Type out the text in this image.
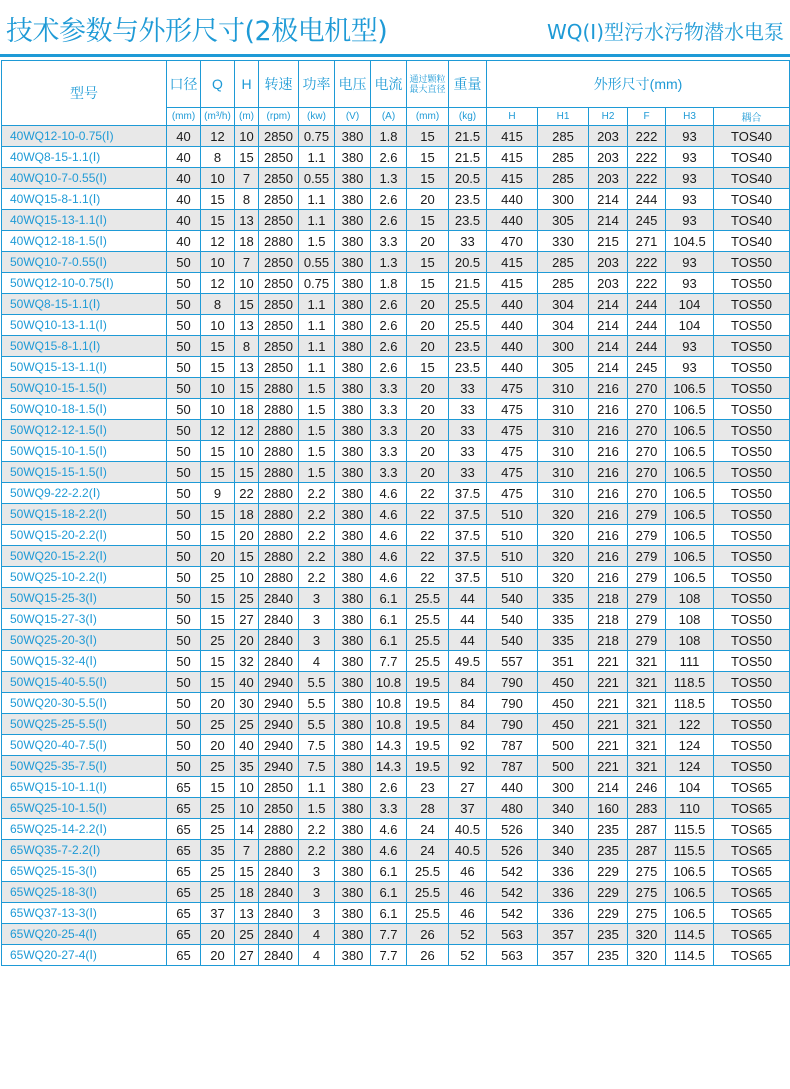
技术参数与外形尺寸(2极电机型)	WQ(Ⅰ)型污水污物潜水电泵
型号	口径	Q	H	转速	功率	电压	电流	通过颗粒最大直径	重量	外形尺寸(mm)					
	(mm)	(m³/h)	(m)	(rpm)	(kw)	(V)	(A)	(mm)	(kg)	H	H1	H2	F	H3	耦合
40WQ12-10-0.75(Ⅰ)	40	12	10	2850	0.75	380	1.8	15	21.5	415	285	203	222	93	TOS40
40WQ8-15-1.1(Ⅰ)	40	8	15	2850	1.1	380	2.6	15	21.5	415	285	203	222	93	TOS40
40WQ10-7-0.55(Ⅰ)	40	10	7	2850	0.55	380	1.3	15	20.5	415	285	203	222	93	TOS40
40WQ15-8-1.1(Ⅰ)	40	15	8	2850	1.1	380	2.6	20	23.5	440	300	214	244	93	TOS40
40WQ15-13-1.1(Ⅰ)	40	15	13	2850	1.1	380	2.6	15	23.5	440	305	214	245	93	TOS40
40WQ12-18-1.5(Ⅰ)	40	12	18	2880	1.5	380	3.3	20	33	470	330	215	271	104.5	TOS40
50WQ10-7-0.55(Ⅰ)	50	10	7	2850	0.55	380	1.3	15	20.5	415	285	203	222	93	TOS50
50WQ12-10-0.75(Ⅰ)	50	12	10	2850	0.75	380	1.8	15	21.5	415	285	203	222	93	TOS50
50WQ8-15-1.1(Ⅰ)	50	8	15	2850	1.1	380	2.6	20	25.5	440	304	214	244	104	TOS50
50WQ10-13-1.1(Ⅰ)	50	10	13	2850	1.1	380	2.6	20	25.5	440	304	214	244	104	TOS50
50WQ15-8-1.1(Ⅰ)	50	15	8	2850	1.1	380	2.6	20	23.5	440	300	214	244	93	TOS50
50WQ15-13-1.1(Ⅰ)	50	15	13	2850	1.1	380	2.6	15	23.5	440	305	214	245	93	TOS50
50WQ10-15-1.5(Ⅰ)	50	10	15	2880	1.5	380	3.3	20	33	475	310	216	270	106.5	TOS50
50WQ10-18-1.5(Ⅰ)	50	10	18	2880	1.5	380	3.3	20	33	475	310	216	270	106.5	TOS50
50WQ12-12-1.5(Ⅰ)	50	12	12	2880	1.5	380	3.3	20	33	475	310	216	270	106.5	TOS50
50WQ15-10-1.5(Ⅰ)	50	15	10	2880	1.5	380	3.3	20	33	475	310	216	270	106.5	TOS50
50WQ15-15-1.5(Ⅰ)	50	15	15	2880	1.5	380	3.3	20	33	475	310	216	270	106.5	TOS50
50WQ9-22-2.2(Ⅰ)	50	9	22	2880	2.2	380	4.6	22	37.5	475	310	216	270	106.5	TOS50
50WQ15-18-2.2(Ⅰ)	50	15	18	2880	2.2	380	4.6	22	37.5	510	320	216	279	106.5	TOS50
50WQ15-20-2.2(Ⅰ)	50	15	20	2880	2.2	380	4.6	22	37.5	510	320	216	279	106.5	TOS50
50WQ20-15-2.2(Ⅰ)	50	20	15	2880	2.2	380	4.6	22	37.5	510	320	216	279	106.5	TOS50
50WQ25-10-2.2(Ⅰ)	50	25	10	2880	2.2	380	4.6	22	37.5	510	320	216	279	106.5	TOS50
50WQ15-25-3(Ⅰ)	50	15	25	2840	3	380	6.1	25.5	44	540	335	218	279	108	TOS50
50WQ15-27-3(Ⅰ)	50	15	27	2840	3	380	6.1	25.5	44	540	335	218	279	108	TOS50
50WQ25-20-3(Ⅰ)	50	25	20	2840	3	380	6.1	25.5	44	540	335	218	279	108	TOS50
50WQ15-32-4(Ⅰ)	50	15	32	2840	4	380	7.7	25.5	49.5	557	351	221	321	111	TOS50
50WQ15-40-5.5(Ⅰ)	50	15	40	2940	5.5	380	10.8	19.5	84	790	450	221	321	118.5	TOS50
50WQ20-30-5.5(Ⅰ)	50	20	30	2940	5.5	380	10.8	19.5	84	790	450	221	321	118.5	TOS50
50WQ25-25-5.5(Ⅰ)	50	25	25	2940	5.5	380	10.8	19.5	84	790	450	221	321	122	TOS50
50WQ20-40-7.5(Ⅰ)	50	20	40	2940	7.5	380	14.3	19.5	92	787	500	221	321	124	TOS50
50WQ25-35-7.5(Ⅰ)	50	25	35	2940	7.5	380	14.3	19.5	92	787	500	221	321	124	TOS50
65WQ15-10-1.1(Ⅰ)	65	15	10	2850	1.1	380	2.6	23	27	440	300	214	246	104	TOS65
65WQ25-10-1.5(Ⅰ)	65	25	10	2850	1.5	380	3.3	28	37	480	340	160	283	110	TOS65
65WQ25-14-2.2(Ⅰ)	65	25	14	2880	2.2	380	4.6	24	40.5	526	340	235	287	115.5	TOS65
65WQ35-7-2.2(Ⅰ)	65	35	7	2880	2.2	380	4.6	24	40.5	526	340	235	287	115.5	TOS65
65WQ25-15-3(Ⅰ)	65	25	15	2840	3	380	6.1	25.5	46	542	336	229	275	106.5	TOS65
65WQ25-18-3(Ⅰ)	65	25	18	2840	3	380	6.1	25.5	46	542	336	229	275	106.5	TOS65
65WQ37-13-3(Ⅰ)	65	37	13	2840	3	380	6.1	25.5	46	542	336	229	275	106.5	TOS65
65WQ20-25-4(Ⅰ)	65	20	25	2840	4	380	7.7	26	52	563	357	235	320	114.5	TOS65
65WQ20-27-4(Ⅰ)	65	20	27	2840	4	380	7.7	26	52	563	357	235	320	114.5	TOS65
